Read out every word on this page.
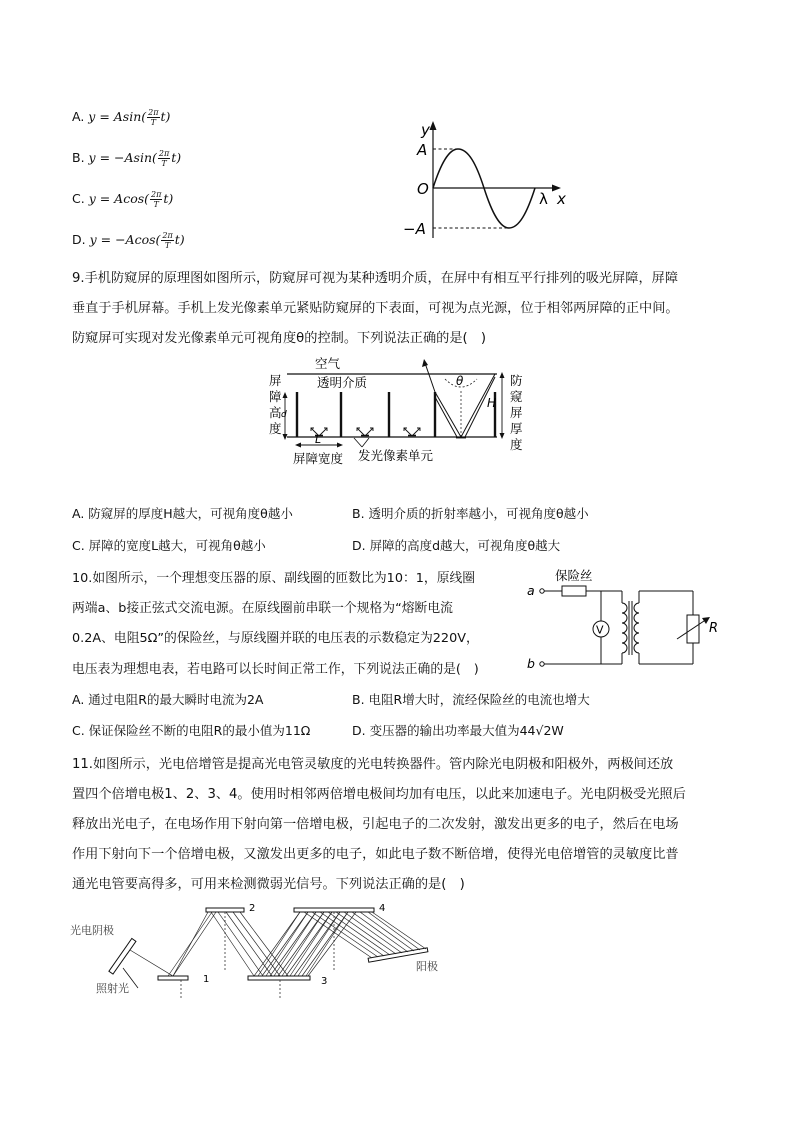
A. $y = Asin( \frac{2\pi}{T} t)$
B. $y = -Asin( \frac{2\pi}{T} t)$
C. $y = Acos( \frac{2\pi}{T} t)$
D. $y = -Acos( \frac{2\pi}{T} t)$
y
A
O
−A
λ x
9.手机防窥屏的原理图如图所示，防窥屏可视为某种透明介质，在屏中有相互平行排列的吸光屏障，屏障
垂直于手机屏幕。手机上发光像素单元紧贴防窥屏的下表面，可视为点光源，位于相邻两屏障的正中间。
防窥屏可实现对发光像素单元可视角度θ的控制。下列说法正确的是(　)
空气
透明介质
屏
障
高
度
d
θ
H
防
窥
屏
厚
度
L
屏障宽度 发光像素单元
A. 防窥屏的厚度H越大，可视角度θ越小	B. 透明介质的折射率越小，可视角度θ越小
C. 屏障的宽度L越大，可视角θ越小	D. 屏障的高度d越大，可视角度θ越大
10.如图所示，一个理想变压器的原、副线圈的匝数比为10：1，原线圈
两端a、b接正弦式交流电源。在原线圈前串联一个规格为“熔断电流
0.2A、电阻5Ω”的保险丝，与原线圈并联的电压表的示数稳定为220V，
电压表为理想电表，若电路可以长时间正常工作，下列说法正确的是(　)
保险丝
a
b
V	R
A. 通过电阻R的最大瞬时电流为2A	B. 电阻R增大时，流经保险丝的电流也增大
C. 保证保险丝不断的电阻R的最小值为11Ω	D. 变压器的输出功率最大值为44√2W
11.如图所示，光电倍增管是提高光电管灵敏度的光电转换器件。管内除光电阴极和阳极外，两极间还放
置四个倍增电极1、2、3、4。使用时相邻两倍增电极间均加有电压，以此来加速电子。光电阴极受光照后
释放出光电子，在电场作用下射向第一倍增电极，引起电子的二次发射，激发出更多的电子，然后在电场
作用下射向下一个倍增电极，又激发出更多的电子，如此电子数不断倍增，使得光电倍增管的灵敏度比普
通光电管要高得多，可用来检测微弱光信号。下列说法正确的是(　)
光电阴极
照射光
阳极
1
2
3
4
